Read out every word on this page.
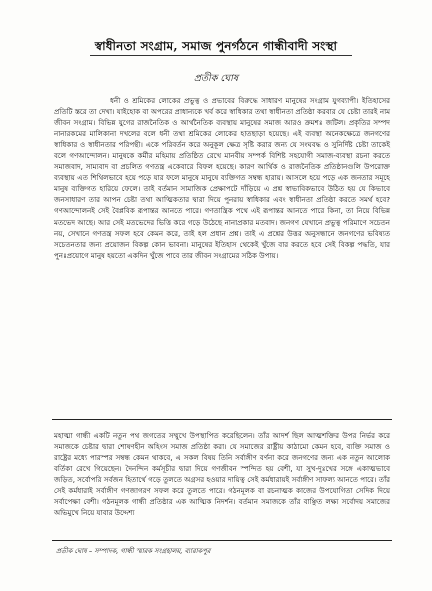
স্বাধীনতা সংগ্রাম, সমাজ পুনর্গঠনে গান্ধীবাদী সংস্থা
প্রতীক ঘোষ
ধনী ও শ্রমিকের লোকের প্রভুত্ব ও প্রভাবের বিরুদ্ধে সাধারণ মানুষের সংগ্রাম যুগব্যাপী। ইতিহাসের প্রতিটি স্তরে তা দেখা। যাইহোক বা অপরের প্রাধান্যকে খর্ব করে স্বাধিকার তথা স্বাধীনতা প্রতিষ্ঠা করবার যে চেষ্টা তারই নাম জীবন সংগ্রাম। বিভিন্ন যুগের রাজনৈতিক ও আর্থনৈতিক ব্যবস্থায় মানুষের সমাজ আরও ক্রমশঃ জটিল। প্রকৃতির সম্পদ নানারকমের মালিকানা দখলের বলে ধনী তথা শ্রমিকের লোকের হাতছাড়া হয়েছে। এই ব্যবস্থা অনেকক্ষেত্রে জনগণের স্বাধিকার ও স্বাধীনতার পরিপন্থী। একে পরিবর্তন করে অনুকূল ক্ষেত্র সৃষ্টি করার জন্য যে সংঘবদ্ধ ও সুনির্দিষ্ট চেষ্টা তাকেই বলে গণআন্দোলন। মানুষকে কর্মীর মহিমায় প্রতিষ্ঠিত রেখে মানবীয় সম্পর্ক বিশিষ্ট সহযোগী সমাজ-ব্যবস্থা রচনা করতে সমাজবাদ, সাম্যবাদ বা প্রচলিত গণতন্ত্র একেবারে বিফল হয়েছে। কারণ আর্থিক ও রাজনৈতিক প্রতিষ্ঠানগুলি উপরোক্ত ব্যবস্থায় এত শিথিলভাবে হয়ে পড়ে যার ফলে মানুষে মানুষে ব্যক্তিগত সম্বন্ধ হারায়। আসলে হয়ে পড়ে এক জনতার সমূহে মানুষ ব্যক্তিগত হারিয়ে ফেলে। তাই বর্তমান সামাজিক প্রেক্ষাপটে দাঁড়িয়ে এ প্রশ্ন স্বাভাবিকভাবে উঠিত হয় যে কিভাবে জনসাধারণ তার আপন চেষ্টা তথা আত্মিকতার দ্বারা দিয়ে পুনরায় স্বাধিকার এবং স্বাধীনতা প্রতিষ্ঠা করতে সমর্থ হবে? গণআন্দোলনই সেই বৈপ্লবিক রূপান্তর আনতে পারে। গণতান্ত্রিক পথে এই রূপান্তর আনতে পারে কিনা, তা নিয়ে বিভিন্ন মতভেদ আছে। আর সেই মতভেদের ভিত্তি করে গড়ে উঠেছে নানাপ্রকার মতবাদ। জনগণ যেখানে প্রভুত্ব পরিমাণে সচেতন নয়, সেখানে গণতন্ত্র সফল হবে কেমন করে, তাই হল প্রধান প্রশ্ন। তাই এ প্রশ্নের উত্তর অনুসন্ধানে জনগণের ভবিষ্যত সচেতনতার জন্য প্রয়োজন বিকল্প কোন ভাবনা। মানুষের ইতিহাস থেকেই খুঁজে বার করতে হবে সেই বিকল্প পদ্ধতি, যার পুনঃপ্রয়োগে মানুষ হয়তো একদিন খুঁজে পাবে তার জীবন সংগ্রামের সঠিক উপায়।
মহাত্মা গান্ধী একটি নতুন পথ জগতের সম্মুখে উপস্থাপিত করেছিলেন। তাঁর আদর্শ ছিল আত্মশক্তির উপর নির্ভর করে সমাজকে চেষ্টার দ্বারা শোষণহীন অহিংস সমাজ প্রতিষ্ঠা করা। যে সমাজের রাষ্ট্রীয় কাঠামো কেমন হবে, ব্যক্তি সমাজ ও রাষ্ট্রের মধ্যে পারস্পর সম্বন্ধ কেমন থাকবে, এ সকল বিষয় তিনি সর্বাঙ্গীণ বর্ণনা করে জনগণের জন্য এক নতুন আলোক বর্তিকা রেখে গিয়েছেন। দৈনন্দিন কর্মসূচীর দ্বারা দিয়ে গণজীবন স্পন্দিত হয় বেশী, যা সুখ-দুঃখের সঙ্গে একাত্মভাবে জড়িত, সর্বোপরি সর্বজন হিতার্থে গড়ে তুলতে অগ্রসর হওয়ার দায়িত্ব সেই কর্মধারায়ই সর্বাঙ্গীণ সাফল্য আনতে পারে। তাঁর সেই কর্মধারাই সর্বাঙ্গীণ গণজাগরণ সফল করে তুলতে পারে। গঠনমূলক বা রচনাত্মক কাজের উপযোগিতা সেদিক দিয়ে সর্বাপেক্ষা বেশী। গঠনমূলক গান্ধী প্রতিষ্ঠার এক আত্মিক নিদর্শন। বর্তমান সমাজকে তাঁর বাঞ্ছিত লক্ষ্য সর্বোদয় সমাজের অভিমুখে নিয়ে যাবার উদ্দেশ্য
প্রতীক ঘোষ – সম্পাদক, গান্ধী স্মারক সংগ্রহালয়, ব্যারাকপুর
